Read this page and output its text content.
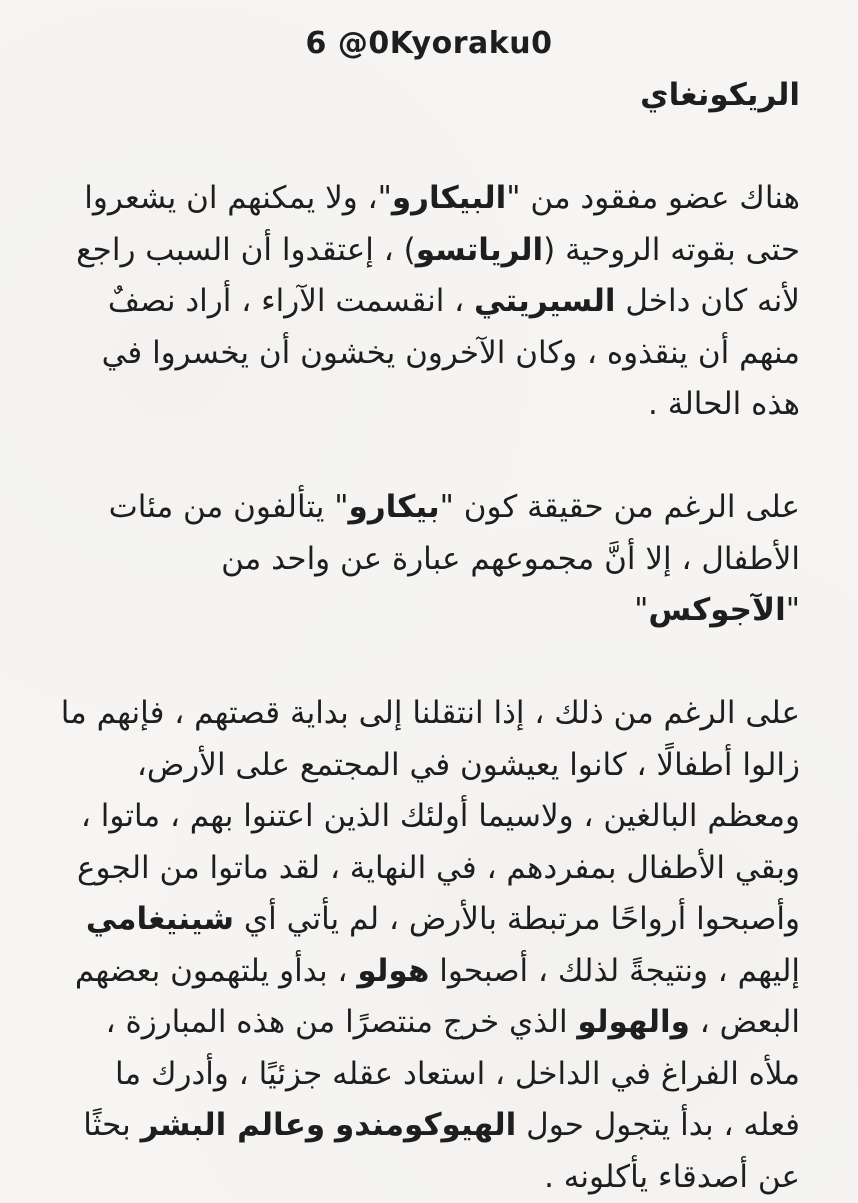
6 @0Kyoraku0

الريكونغاي

هناك عضو مفقود من "البيكارو"، ولا يمكنهم ان يشعروا حتى بقوته الروحية (الرياتسو) ، إعتقدوا أن السبب راجع لأنه كان داخل السيريتي ، انقسمت الآراء ، أراد نصفٌ منهم أن ينقذوه ، وكان الآخرون يخشون أن يخسروا في هذه الحالة .

على الرغم من حقيقة كون "بيكارو" يتألفون من مئات الأطفال ، إلا أنَّ مجموعهم عبارة عن واحد من "الآجوكس"

على الرغم من ذلك ، إذا انتقلنا إلى بداية قصتهم ، فإنهم ما زالوا أطفالًا ، كانوا يعيشون في المجتمع على الأرض، ومعظم البالغين ، ولاسيما أولئك الذين اعتنوا بهم ، ماتوا ، وبقي الأطفال بمفردهم ، في النهاية ، لقد ماتوا من الجوع وأصبحوا أرواحًا مرتبطة بالأرض ، لم يأتي أي شينيغامي إليهم ، ونتيجةً لذلك ، أصبحوا هولو ، بدأو يلتهمون بعضهم البعض ، والهولو الذي خرج منتصرًا من هذه المبارزة ، ملأه الفراغ في الداخل ، استعاد عقله جزئيًا ، وأدرك ما فعله ، بدأ يتجول حول الهيوكومندو وعالم البشر بحثًا عن أصدقاء يأكلونه .
